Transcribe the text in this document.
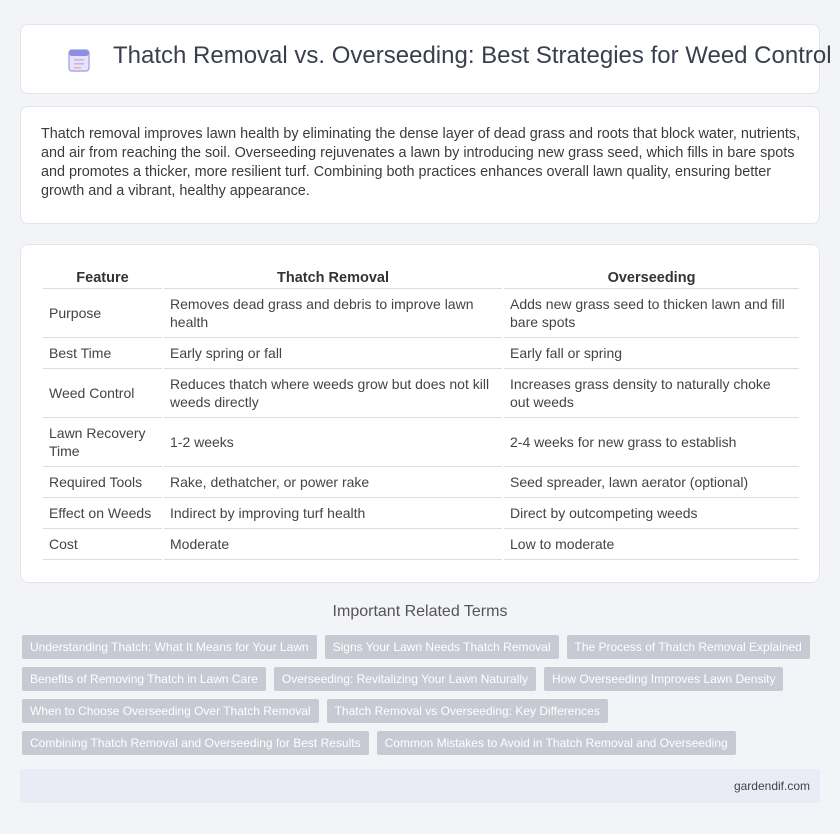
Thatch Removal vs. Overseeding: Best Strategies for Weed Control

Thatch removal improves lawn health by eliminating the dense layer of dead grass and roots that block water, nutrients, and air from reaching the soil. Overseeding rejuvenates a lawn by introducing new grass seed, which fills in bare spots and promotes a thicker, more resilient turf. Combining both practices enhances overall lawn quality, ensuring better growth and a vibrant, healthy appearance.

Feature	Thatch Removal	Overseeding
Purpose	Removes dead grass and debris to improve lawn health	Adds new grass seed to thicken lawn and fill bare spots
Best Time	Early spring or fall	Early fall or spring
Weed Control	Reduces thatch where weeds grow but does not kill weeds directly	Increases grass density to naturally choke out weeds
Lawn Recovery Time	1-2 weeks	2-4 weeks for new grass to establish
Required Tools	Rake, dethatcher, or power rake	Seed spreader, lawn aerator (optional)
Effect on Weeds	Indirect by improving turf health	Direct by outcompeting weeds
Cost	Moderate	Low to moderate
Important Related Terms
Understanding Thatch: What It Means for Your Lawn	Signs Your Lawn Needs Thatch Removal	The Process of Thatch Removal Explained
Benefits of Removing Thatch in Lawn Care	Overseeding: Revitalizing Your Lawn Naturally	How Overseeding Improves Lawn Density
When to Choose Overseeding Over Thatch Removal	Thatch Removal vs Overseeding: Key Differences
Combining Thatch Removal and Overseeding for Best Results	Common Mistakes to Avoid in Thatch Removal and Overseeding
gardendif.com
